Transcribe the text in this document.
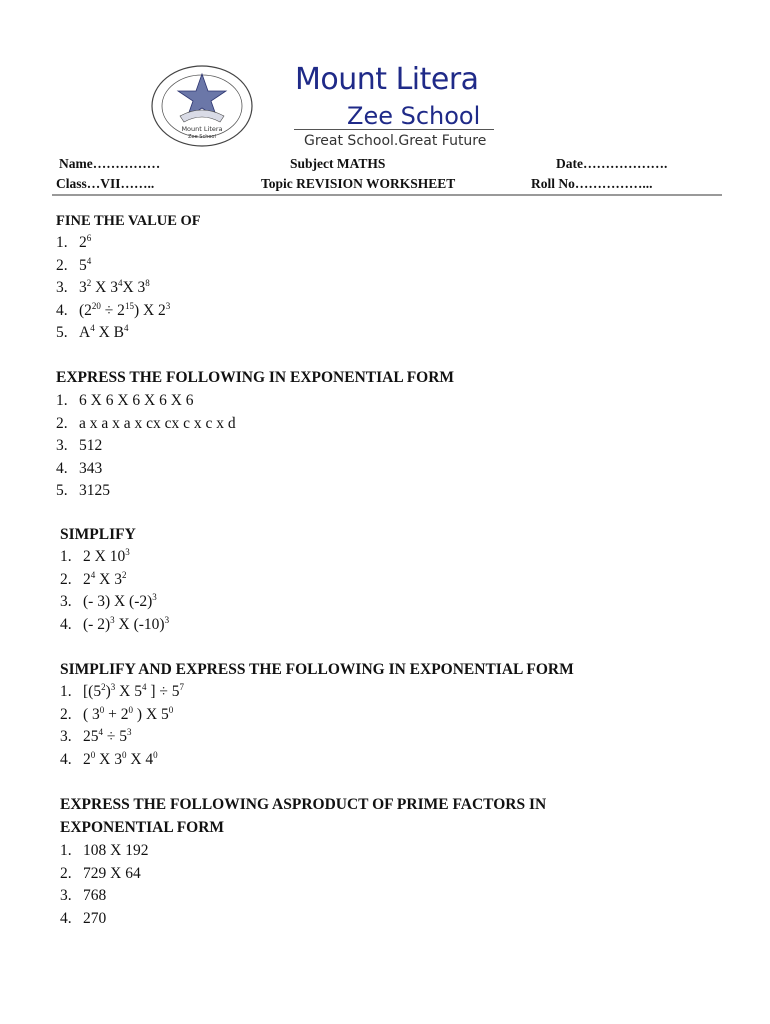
Mount Litera
Zee School
Mount Litera
Zee School
Great School.Great Future
Name……………	Subject MATHS	Date……………….
Class…VII……..	Topic REVISION WORKSHEET	Roll No……………...
FINE THE VALUE OF
1. $2^6$
2. $5^4$
3. $3^2$ X $3^4X$ $3^8$
4. $(2^{20} \div 2^{15})$ X $2^3$
5. $A^4$ X $B^4$
EXPRESS THE FOLLOWING IN EXPONENTIAL FORM
1. 6 X 6 X 6 X 6 X 6
2. a x a x a x cx cx c x c x d
3. 512
4. 343
5. 3125
SIMPLIFY
1. 2 X $10^3$
2. $2^4$ X $3^2$
3. (- 3) X $(-2)^3$
4. (- 2)$^3$ X $(-10)^3$
SIMPLIFY AND EXPRESS THE FOLLOWING IN EXPONENTIAL FORM
1. [$(5^2)^3$ X $5^4$ ] ÷ $5^7$
2. ( $3^0 + 2^0$ ) X $5^0$
3. $25^4 \div 5^3$
4. $2^0$ X $3^0$ X $4^0$
EXPRESS THE FOLLOWING ASPRODUCT OF PRIME FACTORS IN
EXPONENTIAL FORM
1. 108 X 192
2. 729 X 64
3. 768
4. 270
